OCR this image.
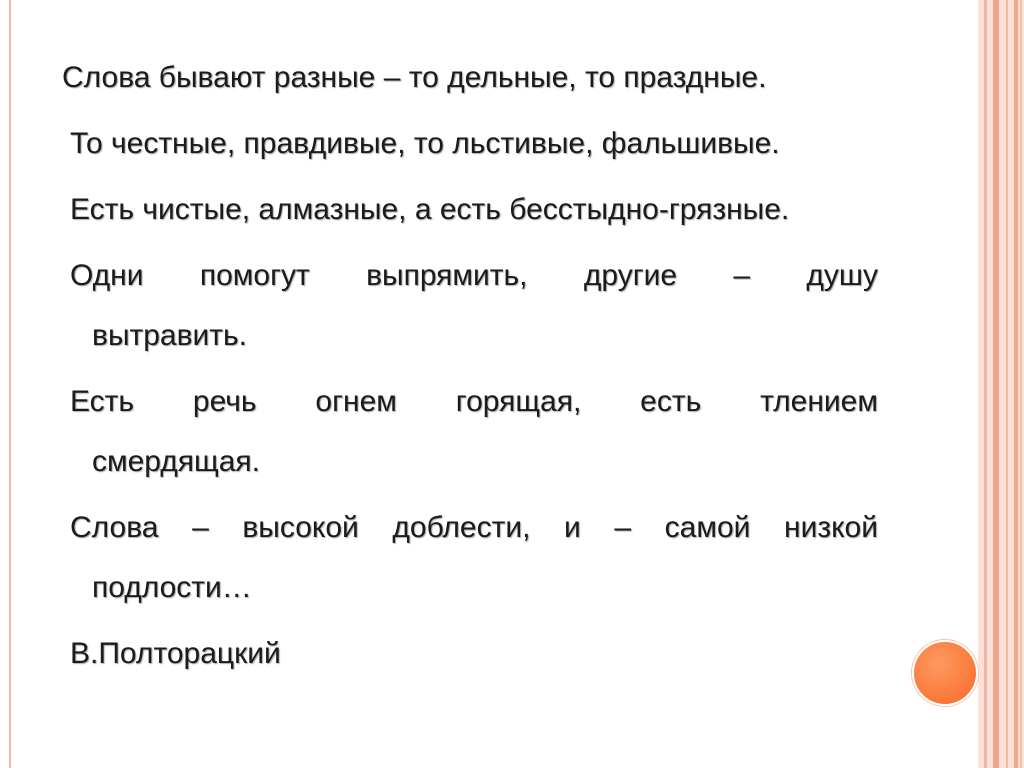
Слова бывают разные – то дельные, то праздные.

То честные, правдивые, то льстивые, фальшивые.

Есть чистые, алмазные, а есть бесстыдно-грязные.

Одни помогут выпрямить, другие – душу

вытравить.

Есть речь огнем горящая, есть тлением

смердящая.

Слова – высокой доблести, и – самой низкой

подлости…

В.Полторацкий
